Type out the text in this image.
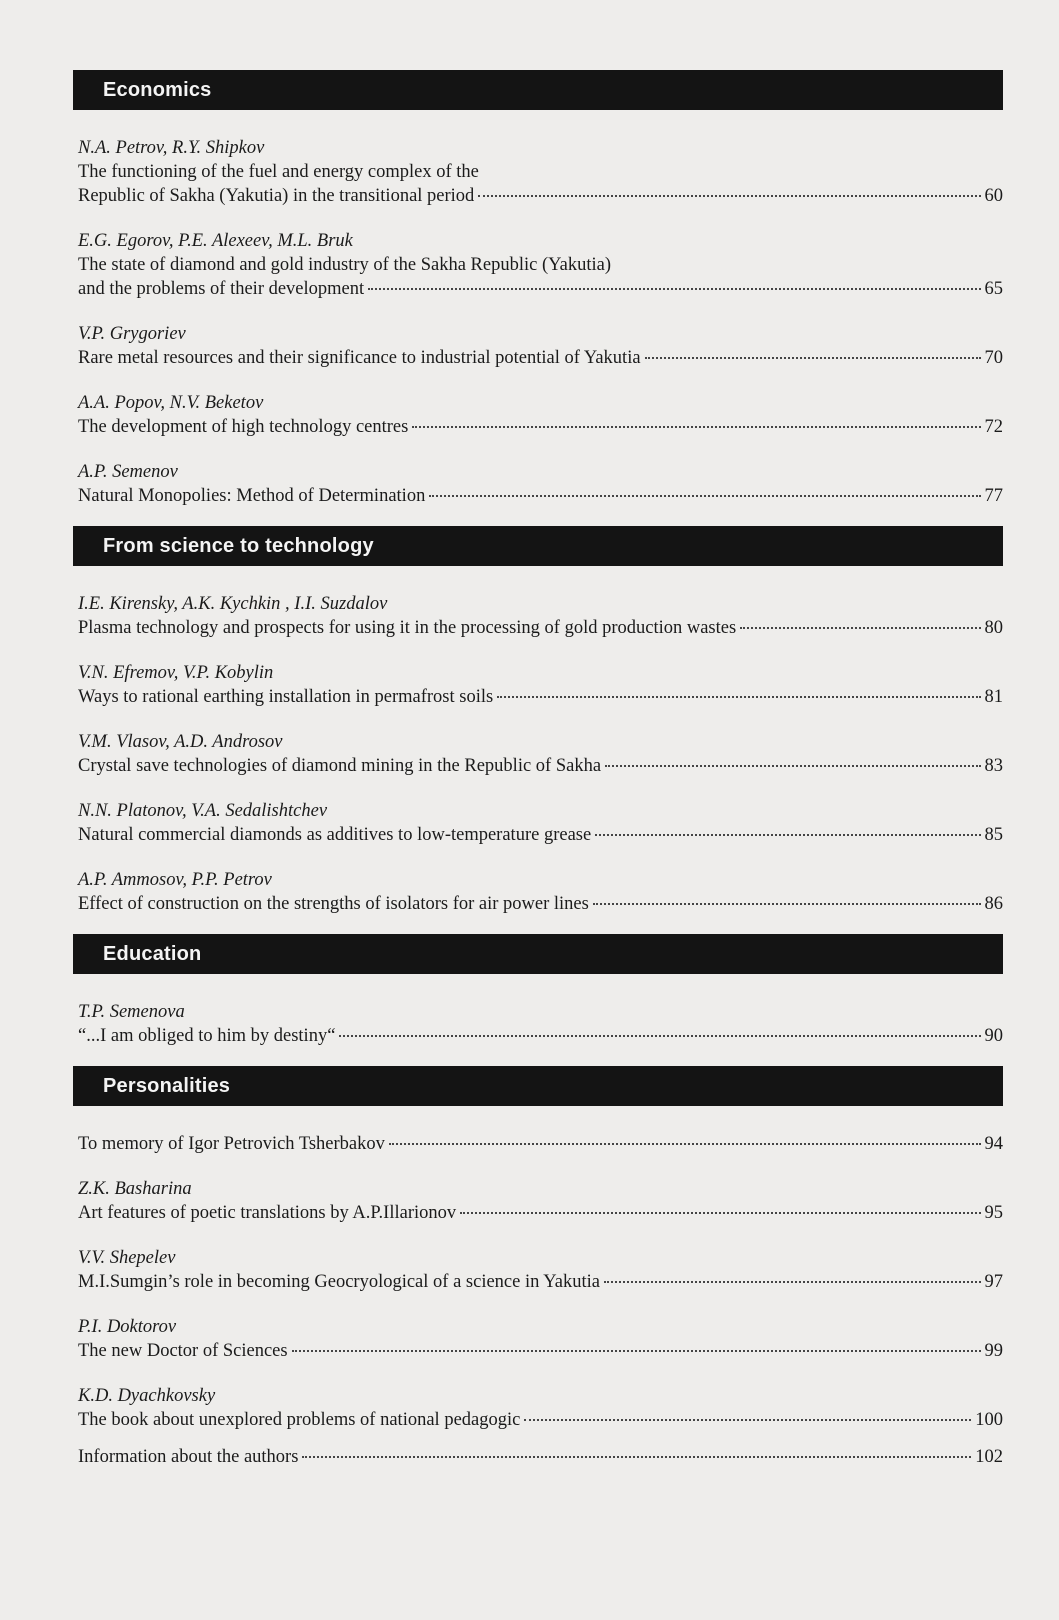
Economics
N.A. Petrov, R.Y. Shipkov
The functioning of the fuel and energy complex of the
Republic of Sakha (Yakutia) in the transitional period	60
E.G. Egorov, P.E. Alexeev, M.L. Bruk
The state of diamond and gold industry of the Sakha Republic (Yakutia)
and the problems of their development	65
V.P. Grygoriev
Rare metal resources and their significance to industrial potential of Yakutia	70
A.A. Popov, N.V. Beketov
The development of high technology centres	72
A.P. Semenov
Natural Monopolies: Method of Determination	77
From science to technology
I.E. Kirensky, A.K. Kychkin , I.I. Suzdalov
Plasma technology and prospects for using it in the processing of gold production wastes	80
V.N. Efremov, V.P. Kobylin
Ways to rational earthing installation in permafrost soils	81
V.M. Vlasov, A.D. Androsov
Crystal save technologies of diamond mining in the Republic of Sakha	83
N.N. Platonov, V.A. Sedalishtchev
Natural commercial diamonds as additives to low-temperature grease	85
A.P. Ammosov, P.P. Petrov
Effect of construction on the strengths of isolators for air power lines	86
Education
T.P. Semenova
“...I am obliged to him by destiny“	90
Personalities
To memory of Igor Petrovich Tsherbakov	94
Z.K. Basharina
Art features of poetic translations by A.P.Illarionov	95
V.V. Shepelev
M.I.Sumgin’s role in becoming Geocryological of a science in Yakutia	97
P.I. Doktorov
The new Doctor of Sciences	99
K.D. Dyachkovsky
The book about unexplored problems of national pedagogic	100
Information about the authors	102
